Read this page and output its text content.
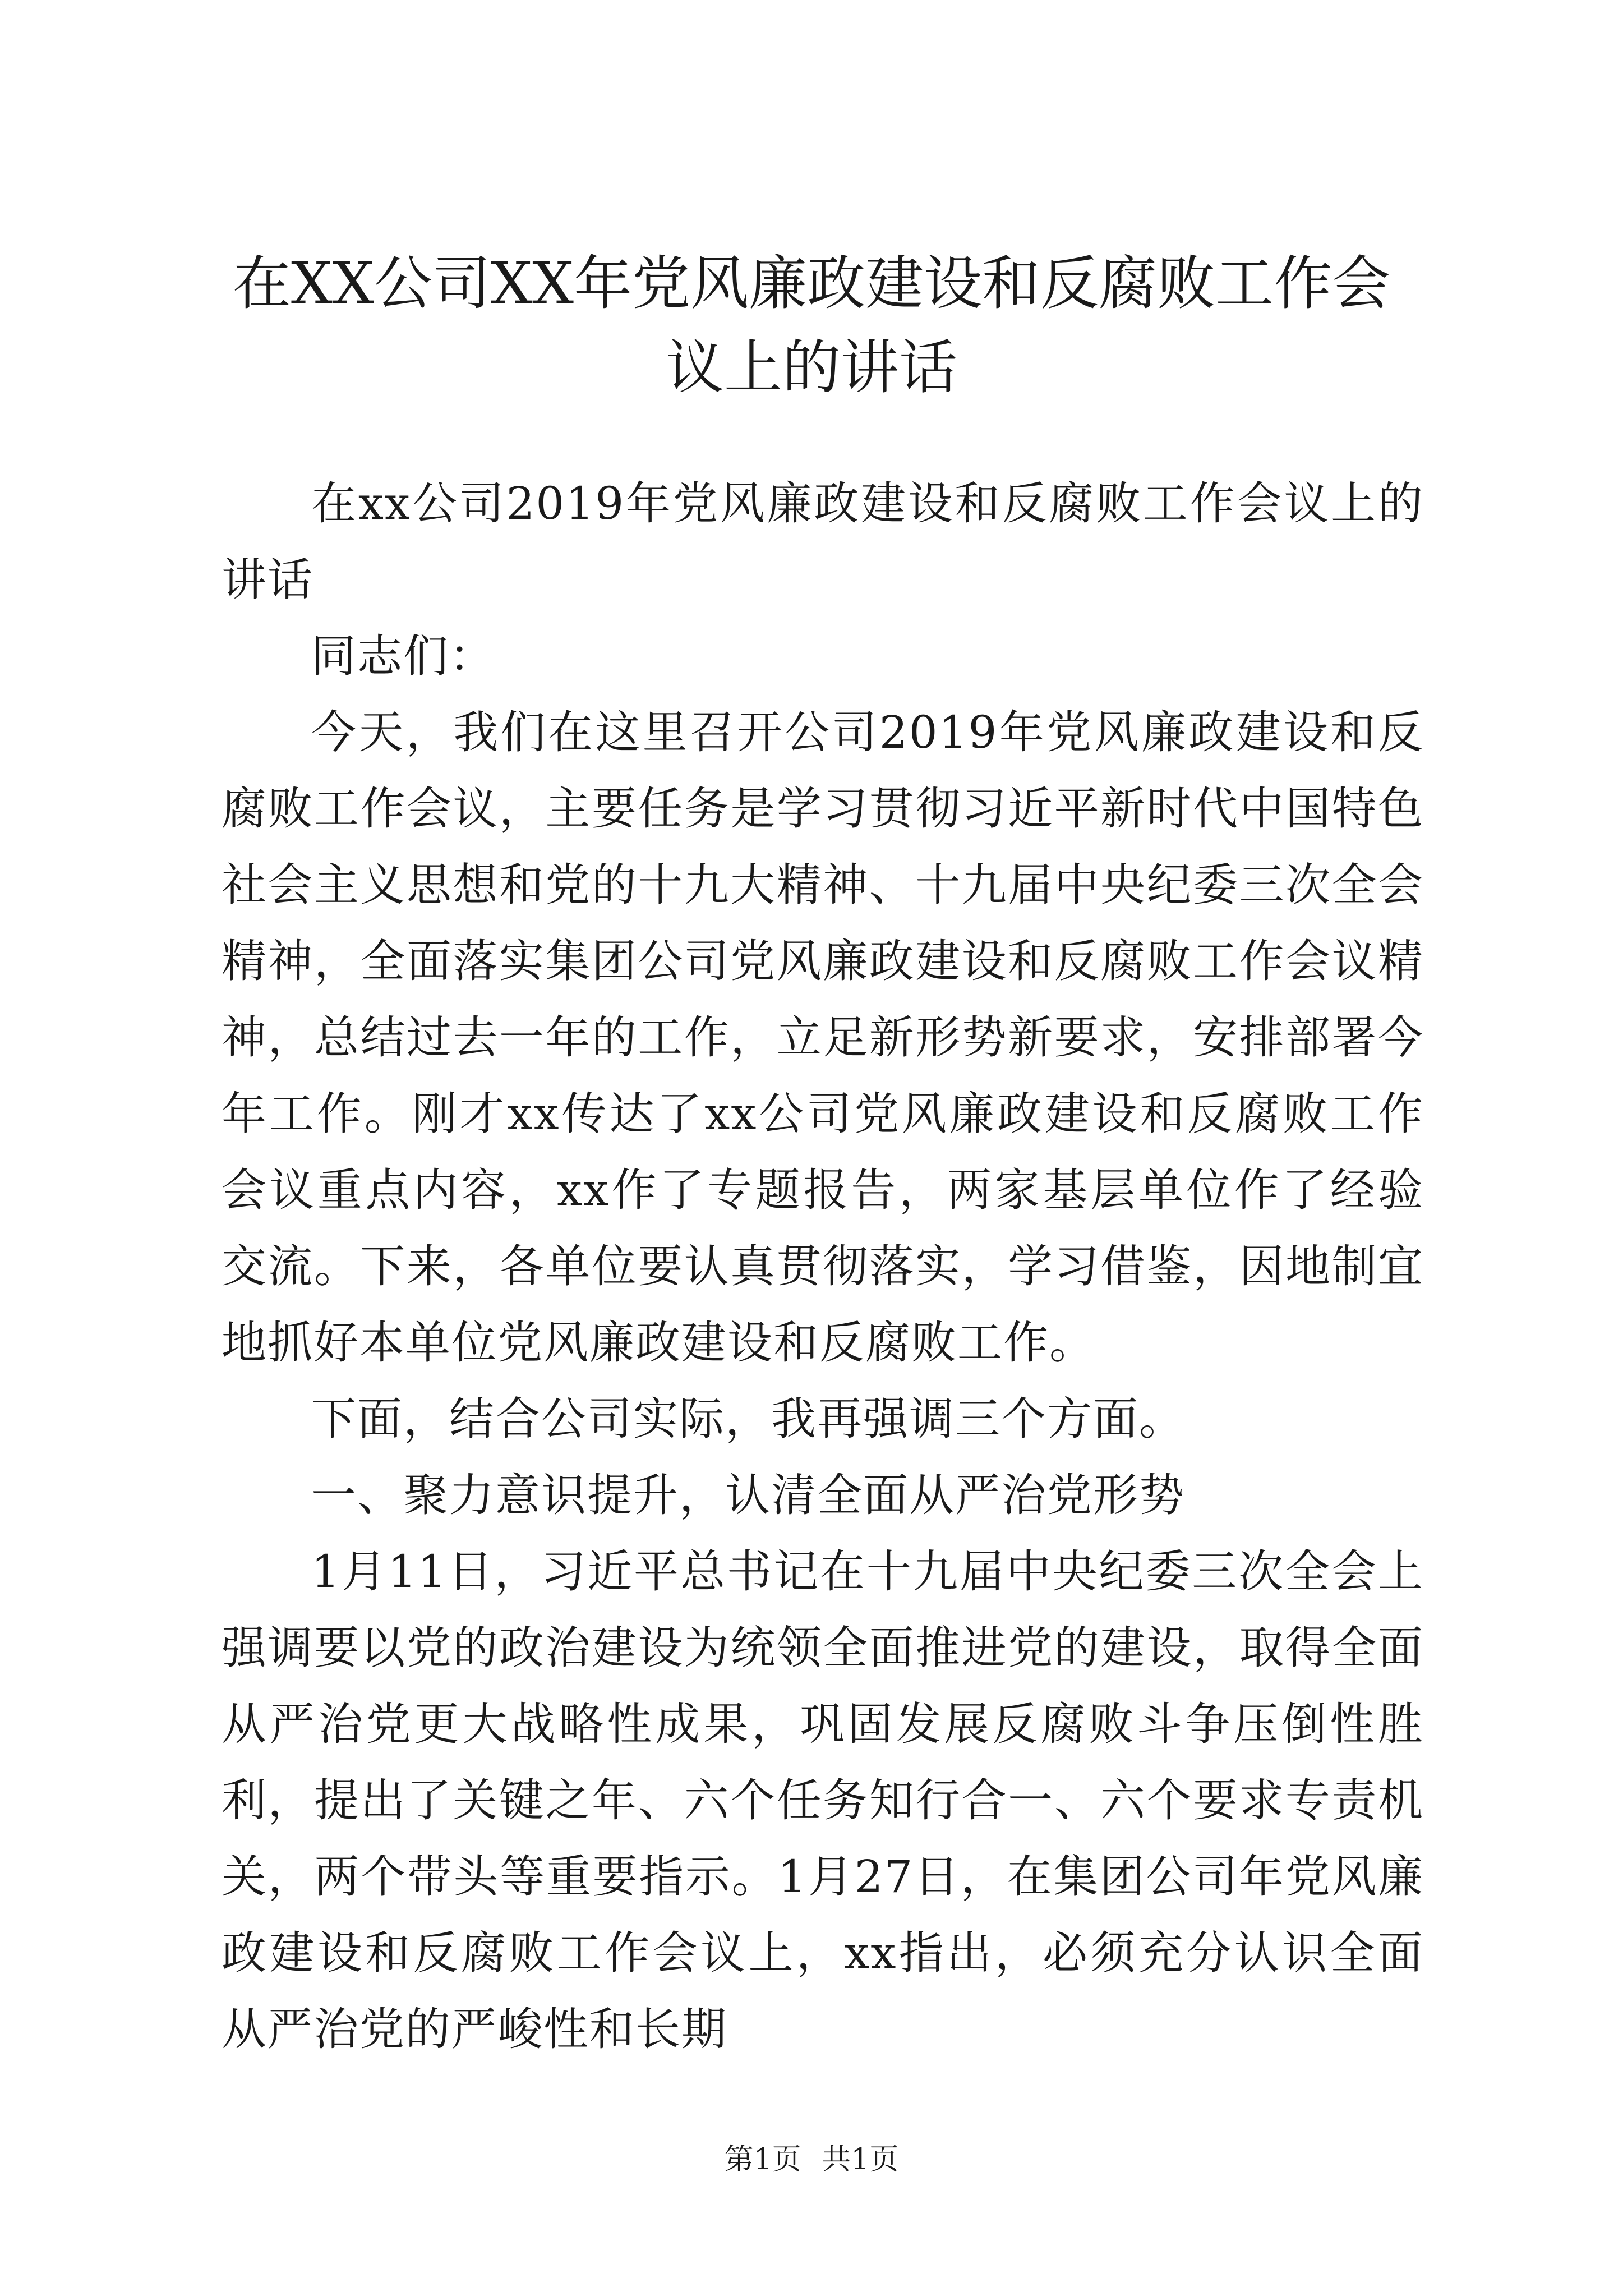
在XX公司XX年党风廉政建设和反腐败工作会议上的讲话

在xx公司2019年党风廉政建设和反腐败工作会议上的讲话

同志们：

今天，我们在这里召开公司2019年党风廉政建设和反腐败工作会议，主要任务是学习贯彻习近平新时代中国特色社会主义思想和党的十九大精神、十九届中央纪委三次全会精神，全面落实集团公司党风廉政建设和反腐败工作会议精神，总结过去一年的工作，立足新形势新要求，安排部署今年工作。刚才xx传达了xx公司党风廉政建设和反腐败工作会议重点内容，xx作了专题报告，两家基层单位作了经验交流。下来，各单位要认真贯彻落实，学习借鉴，因地制宜地抓好本单位党风廉政建设和反腐败工作。

下面，结合公司实际，我再强调三个方面。

一、聚力意识提升，认清全面从严治党形势

1月11日，习近平总书记在十九届中央纪委三次全会上强调要以党的政治建设为统领全面推进党的建设，取得全面从严治党更大战略性成果，巩固发展反腐败斗争压倒性胜利，提出了关键之年、六个任务知行合一、六个要求专责机关，两个带头等重要指示。1月27日，在集团公司年党风廉政建设和反腐败工作会议上，xx指出，必须充分认识全面从严治党的严峻性和长期

第1页 共1页
